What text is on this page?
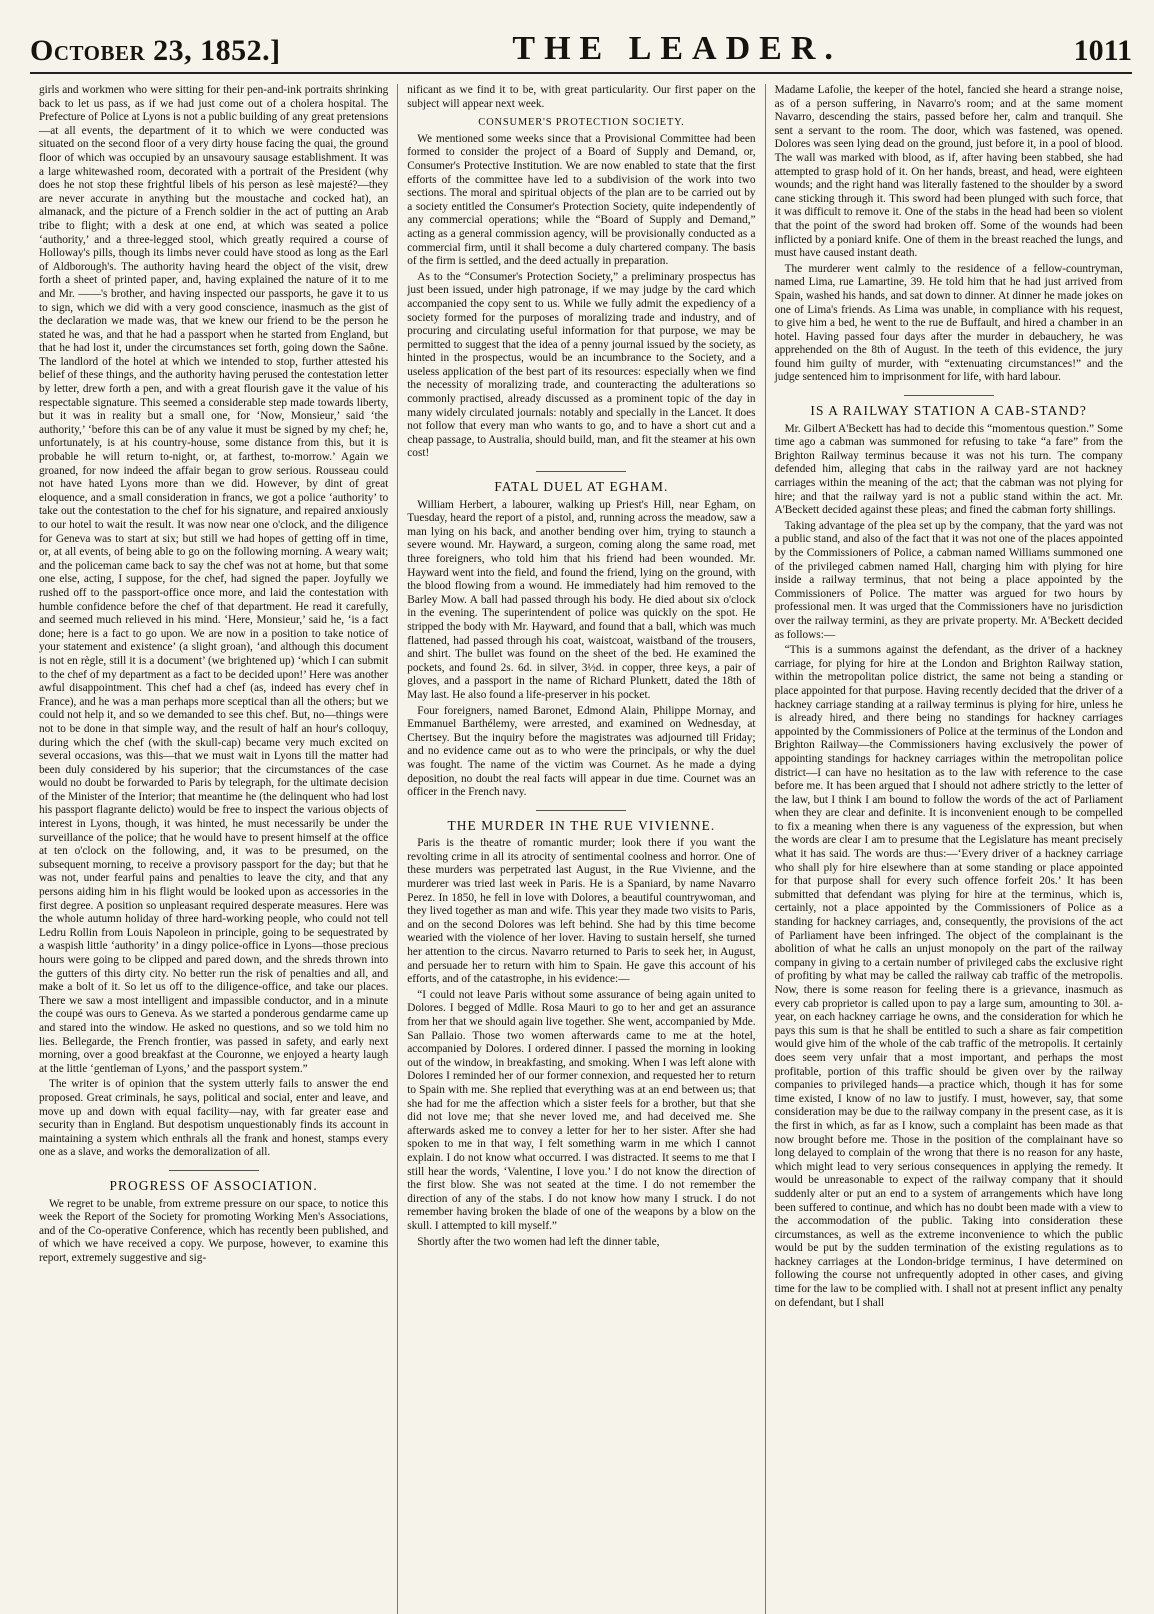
October 23, 1852.]	THE LEADER.	1011

girls and workmen who were sitting for their pen-and-ink portraits shrinking back to let us pass, as if we had just come out of a cholera hospital. The Prefecture of Police at Lyons is not a public building of any great pretensions —at all events, the department of it to which we were conducted was situated on the second floor of a very dirty house facing the quai, the ground floor of which was occupied by an unsavoury sausage establishment. It was a large whitewashed room, decorated with a portrait of the President (why does he not stop these frightful libels of his person as lesè majesté?—they are never accurate in anything but the moustache and cocked hat), an almanack, and the picture of a French soldier in the act of putting an Arab tribe to flight; with a desk at one end, at which was seated a police ‘authority,’ and a three-legged stool, which greatly required a course of Holloway's pills, though its limbs never could have stood as long as the Earl of Aldborough's. The authority having heard the object of the visit, drew forth a sheet of printed paper, and, having explained the nature of it to me and Mr. ——'s brother, and having inspected our passports, he gave it to us to sign, which we did with a very good conscience, inasmuch as the gist of the declaration we made was, that we knew our friend to be the person he stated he was, and that he had a passport when he started from England, but that he had lost it, under the circumstances set forth, going down the Saône. The landlord of the hotel at which we intended to stop, further attested his belief of these things, and the authority having perused the contestation letter by letter, drew forth a pen, and with a great flourish gave it the value of his respectable signature. This seemed a considerable step made towards liberty, but it was in reality but a small one, for ‘Now, Monsieur,’ said ‘the authority,’ ‘before this can be of any value it must be signed by my chef; he, unfortunately, is at his country-house, some distance from this, but it is probable he will return to-night, or, at farthest, to-morrow.’ Again we groaned, for now indeed the affair began to grow serious. Rousseau could not have hated Lyons more than we did. However, by dint of great eloquence, and a small consideration in francs, we got a police ‘authority’ to take out the contestation to the chef for his signature, and repaired anxiously to our hotel to wait the result. It was now near one o'clock, and the diligence for Geneva was to start at six; but still we had hopes of getting off in time, or, at all events, of being able to go on the following morning. A weary wait; and the policeman came back to say the chef was not at home, but that some one else, acting, I suppose, for the chef, had signed the paper. Joyfully we rushed off to the passport-office once more, and laid the contestation with humble confidence before the chef of that department. He read it carefully, and seemed much relieved in his mind. ‘Here, Monsieur,’ said he, ‘is a fact done; here is a fact to go upon. We are now in a position to take notice of your statement and existence’ (a slight groan), ‘and although this document is not en règle, still it is a document’ (we brightened up) ‘which I can submit to the chef of my department as a fact to be decided upon!’ Here was another awful disappointment. This chef had a chef (as, indeed has every chef in France), and he was a man perhaps more sceptical than all the others; but we could not help it, and so we demanded to see this chef. But, no—things were not to be done in that simple way, and the result of half an hour's colloquy, during which the chef (with the skull-cap) became very much excited on several occasions, was this—that we must wait in Lyons till the matter had been duly considered by his superior; that the circumstances of the case would no doubt be forwarded to Paris by telegraph, for the ultimate decision of the Minister of the Interior; that meantime he (the delinquent who had lost his passport flagrante delicto) would be free to inspect the various objects of interest in Lyons, though, it was hinted, he must necessarily be under the surveillance of the police; that he would have to present himself at the office at ten o'clock on the following, and, it was to be presumed, on the subsequent morning, to receive a provisory passport for the day; but that he was not, under fearful pains and penalties to leave the city, and that any persons aiding him in his flight would be looked upon as accessories in the first degree. A position so unpleasant required desperate measures. Here was the whole autumn holiday of three hard-working people, who could not tell Ledru Rollin from Louis Napoleon in principle, going to be sequestrated by a waspish little ‘authority’ in a dingy police-office in Lyons—those precious hours were going to be clipped and pared down, and the shreds thrown into the gutters of this dirty city. No better run the risk of penalties and all, and make a bolt of it. So let us off to the diligence-office, and take our places. There we saw a most intelligent and impassible conductor, and in a minute the coupé was ours to Geneva. As we started a ponderous gendarme came up and stared into the window. He asked no questions, and so we told him no lies. Bellegarde, the French frontier, was passed in safety, and early next morning, over a good breakfast at the Couronne, we enjoyed a hearty laugh at the little ‘gentleman of Lyons,’ and the passport system.”

The writer is of opinion that the system utterly fails to answer the end proposed. Great criminals, he says, political and social, enter and leave, and move up and down with equal facility—nay, with far greater ease and security than in England. But despotism unquestionably finds its account in maintaining a system which enthrals all the frank and honest, stamps every one as a slave, and works the demoralization of all.

PROGRESS OF ASSOCIATION.

We regret to be unable, from extreme pressure on our space, to notice this week the Report of the Society for promoting Working Men's Associations, and of the Co-operative Conference, which has recently been published, and of which we have received a copy. We purpose, however, to examine this report, extremely suggestive and sig-

nificant as we find it to be, with great particularity. Our first paper on the subject will appear next week.

CONSUMER'S PROTECTION SOCIETY.

We mentioned some weeks since that a Provisional Committee had been formed to consider the project of a Board of Supply and Demand, or, Consumer's Protective Institution. We are now enabled to state that the first efforts of the committee have led to a subdivision of the work into two sections. The moral and spiritual objects of the plan are to be carried out by a society entitled the Consumer's Protection Society, quite independently of any commercial operations; while the “Board of Supply and Demand,” acting as a general commission agency, will be provisionally conducted as a commercial firm, until it shall become a duly chartered company. The basis of the firm is settled, and the deed actually in preparation.

As to the “Consumer's Protection Society,” a preliminary prospectus has just been issued, under high patronage, if we may judge by the card which accompanied the copy sent to us. While we fully admit the expediency of a society formed for the purposes of moralizing trade and industry, and of procuring and circulating useful information for that purpose, we may be permitted to suggest that the idea of a penny journal issued by the society, as hinted in the prospectus, would be an incumbrance to the Society, and a useless application of the best part of its resources: especially when we find the necessity of moralizing trade, and counteracting the adulterations so commonly practised, already discussed as a prominent topic of the day in many widely circulated journals: notably and specially in the Lancet. It does not follow that every man who wants to go, and to have a short cut and a cheap passage, to Australia, should build, man, and fit the steamer at his own cost!

FATAL DUEL AT EGHAM.

William Herbert, a labourer, walking up Priest's Hill, near Egham, on Tuesday, heard the report of a pistol, and, running across the meadow, saw a man lying on his back, and another bending over him, trying to staunch a severe wound. Mr. Hayward, a surgeon, coming along the same road, met three foreigners, who told him that his friend had been wounded. Mr. Hayward went into the field, and found the friend, lying on the ground, with the blood flowing from a wound. He immediately had him removed to the Barley Mow. A ball had passed through his body. He died about six o'clock in the evening. The superintendent of police was quickly on the spot. He stripped the body with Mr. Hayward, and found that a ball, which was much flattened, had passed through his coat, waistcoat, waistband of the trousers, and shirt. The bullet was found on the sheet of the bed. He examined the pockets, and found 2s. 6d. in silver, 3½d. in copper, three keys, a pair of gloves, and a passport in the name of Richard Plunkett, dated the 18th of May last. He also found a life-preserver in his pocket.

Four foreigners, named Baronet, Edmond Alain, Philippe Mornay, and Emmanuel Barthélemy, were arrested, and examined on Wednesday, at Chertsey. But the inquiry before the magistrates was adjourned till Friday; and no evidence came out as to who were the principals, or why the duel was fought. The name of the victim was Cournet. As he made a dying deposition, no doubt the real facts will appear in due time. Cournet was an officer in the French navy.

THE MURDER IN THE RUE VIVIENNE.

Paris is the theatre of romantic murder; look there if you want the revolting crime in all its atrocity of sentimental coolness and horror. One of these murders was perpetrated last August, in the Rue Vivienne, and the murderer was tried last week in Paris. He is a Spaniard, by name Navarro Perez. In 1850, he fell in love with Dolores, a beautiful countrywoman, and they lived together as man and wife. This year they made two visits to Paris, and on the second Dolores was left behind. She had by this time become wearied with the violence of her lover. Having to sustain herself, she turned her attention to the circus. Navarro returned to Paris to seek her, in August, and persuade her to return with him to Spain. He gave this account of his efforts, and of the catastrophe, in his evidence:—

“I could not leave Paris without some assurance of being again united to Dolores. I begged of Mdlle. Rosa Mauri to go to her and get an assurance from her that we should again live together. She went, accompanied by Mde. San Pallaio. Those two women afterwards came to me at the hotel, accompanied by Dolores. I ordered dinner. I passed the morning in looking out of the window, in breakfasting, and smoking. When I was left alone with Dolores I reminded her of our former connexion, and requested her to return to Spain with me. She replied that everything was at an end between us; that she had for me the affection which a sister feels for a brother, but that she did not love me; that she never loved me, and had deceived me. She afterwards asked me to convey a letter for her to her sister. After she had spoken to me in that way, I felt something warm in me which I cannot explain. I do not know what occurred. I was distracted. It seems to me that I still hear the words, ‘Valentine, I love you.’ I do not know the direction of the first blow. She was not seated at the time. I do not remember the direction of any of the stabs. I do not know how many I struck. I do not remember having broken the blade of one of the weapons by a blow on the skull. I attempted to kill myself.”

Shortly after the two women had left the dinner table,

Madame Lafolie, the keeper of the hotel, fancied she heard a strange noise, as of a person suffering, in Navarro's room; and at the same moment Navarro, descending the stairs, passed before her, calm and tranquil. She sent a servant to the room. The door, which was fastened, was opened. Dolores was seen lying dead on the ground, just before it, in a pool of blood. The wall was marked with blood, as if, after having been stabbed, she had attempted to grasp hold of it. On her hands, breast, and head, were eighteen wounds; and the right hand was literally fastened to the shoulder by a sword cane sticking through it. This sword had been plunged with such force, that it was difficult to remove it. One of the stabs in the head had been so violent that the point of the sword had broken off. Some of the wounds had been inflicted by a poniard knife. One of them in the breast reached the lungs, and must have caused instant death.

The murderer went calmly to the residence of a fellow-countryman, named Lima, rue Lamartine, 39. He told him that he had just arrived from Spain, washed his hands, and sat down to dinner. At dinner he made jokes on one of Lima's friends. As Lima was unable, in compliance with his request, to give him a bed, he went to the rue de Buffault, and hired a chamber in an hotel. Having passed four days after the murder in debauchery, he was apprehended on the 8th of August. In the teeth of this evidence, the jury found him guilty of murder, with “extenuating circumstances!” and the judge sentenced him to imprisonment for life, with hard labour.

IS A RAILWAY STATION A CAB-STAND?

Mr. Gilbert A'Beckett has had to decide this “momentous question.” Some time ago a cabman was summoned for refusing to take “a fare” from the Brighton Railway terminus because it was not his turn. The company defended him, alleging that cabs in the railway yard are not hackney carriages within the meaning of the act; that the cabman was not plying for hire; and that the railway yard is not a public stand within the act. Mr. A'Beckett decided against these pleas; and fined the cabman forty shillings.

Taking advantage of the plea set up by the company, that the yard was not a public stand, and also of the fact that it was not one of the places appointed by the Commissioners of Police, a cabman named Williams summoned one of the privileged cabmen named Hall, charging him with plying for hire inside a railway terminus, that not being a place appointed by the Commissioners of Police. The matter was argued for two hours by professional men. It was urged that the Commissioners have no jurisdiction over the railway termini, as they are private property. Mr. A'Beckett decided as follows:—

“This is a summons against the defendant, as the driver of a hackney carriage, for plying for hire at the London and Brighton Railway station, within the metropolitan police district, the same not being a standing or place appointed for that purpose. Having recently decided that the driver of a hackney carriage standing at a railway terminus is plying for hire, unless he is already hired, and there being no standings for hackney carriages appointed by the Commissioners of Police at the terminus of the London and Brighton Railway—the Commissioners having exclusively the power of appointing standings for hackney carriages within the metropolitan police district—I can have no hesitation as to the law with reference to the case before me. It has been argued that I should not adhere strictly to the letter of the law, but I think I am bound to follow the words of the act of Parliament when they are clear and definite. It is inconvenient enough to be compelled to fix a meaning when there is any vagueness of the expression, but when the words are clear I am to presume that the Legislature has meant precisely what it has said. The words are thus:—‘Every driver of a hackney carriage who shall ply for hire elsewhere than at some standing or place appointed for that purpose shall for every such offence forfeit 20s.’ It has been submitted that defendant was plying for hire at the terminus, which is, certainly, not a place appointed by the Commissioners of Police as a standing for hackney carriages, and, consequently, the provisions of the act of Parliament have been infringed. The object of the complainant is the abolition of what he calls an unjust monopoly on the part of the railway company in giving to a certain number of privileged cabs the exclusive right of profiting by what may be called the railway cab traffic of the metropolis. Now, there is some reason for feeling there is a grievance, inasmuch as every cab proprietor is called upon to pay a large sum, amounting to 30l. a-year, on each hackney carriage he owns, and the consideration for which he pays this sum is that he shall be entitled to such a share as fair competition would give him of the whole of the cab traffic of the metropolis. It certainly does seem very unfair that a most important, and perhaps the most profitable, portion of this traffic should be given over by the railway companies to privileged hands—a practice which, though it has for some time existed, I know of no law to justify. I must, however, say, that some consideration may be due to the railway company in the present case, as it is the first in which, as far as I know, such a complaint has been made as that now brought before me. Those in the position of the complainant have so long delayed to complain of the wrong that there is no reason for any haste, which might lead to very serious consequences in applying the remedy. It would be unreasonable to expect of the railway company that it should suddenly alter or put an end to a system of arrangements which have long been suffered to continue, and which has no doubt been made with a view to the accommodation of the public. Taking into consideration these circumstances, as well as the extreme inconvenience to which the public would be put by the sudden termination of the existing regulations as to hackney carriages at the London-bridge terminus, I have determined on following the course not unfrequently adopted in other cases, and giving time for the law to be complied with. I shall not at present inflict any penalty on defendant, but I shall
